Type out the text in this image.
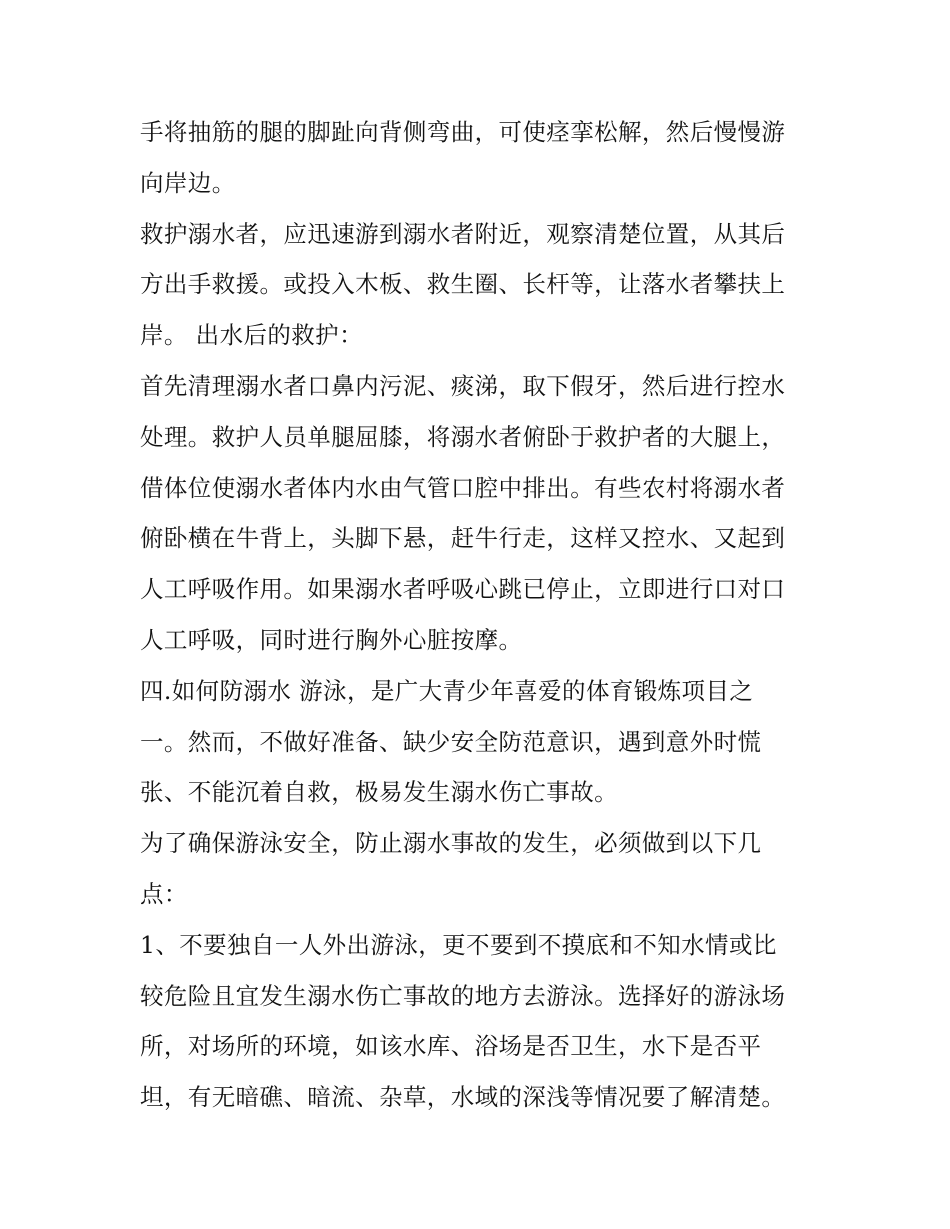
手将抽筋的腿的脚趾向背侧弯曲，可使痉挛松解，然后慢慢游
向岸边。
救护溺水者，应迅速游到溺水者附近，观察清楚位置，从其后
方出手救援。或投入木板、救生圈、长杆等，让落水者攀扶上
岸。 出水后的救护：
首先清理溺水者口鼻内污泥、痰涕，取下假牙，然后进行控水
处理。救护人员单腿屈膝，将溺水者俯卧于救护者的大腿上，
借体位使溺水者体内水由气管口腔中排出。有些农村将溺水者
俯卧横在牛背上，头脚下悬，赶牛行走，这样又控水、又起到
人工呼吸作用。如果溺水者呼吸心跳已停止，立即进行口对口
人工呼吸，同时进行胸外心脏按摩。
四.如何防溺水 游泳，是广大青少年喜爱的体育锻炼项目之
一。然而，不做好准备、缺少安全防范意识，遇到意外时慌
张、不能沉着自救，极易发生溺水伤亡事故。
为了确保游泳安全，防止溺水事故的发生，必须做到以下几
点：
1、不要独自一人外出游泳，更不要到不摸底和不知水情或比
较危险且宜发生溺水伤亡事故的地方去游泳。选择好的游泳场
所，对场所的环境，如该水库、浴场是否卫生，水下是否平
坦，有无暗礁、暗流、杂草，水域的深浅等情况要了解清楚。
